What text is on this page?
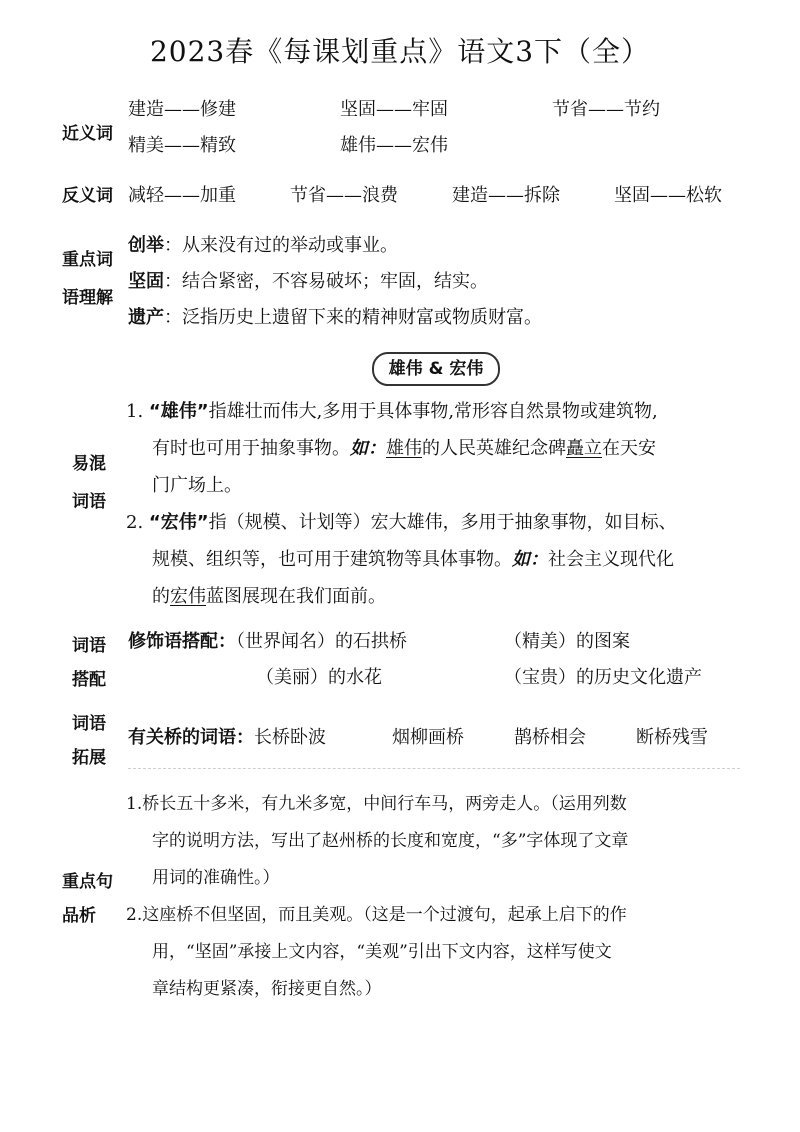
2023春《每课划重点》语文3下（全）
近义词
建造——修建	坚固——牢固	节省——节约
精美——精致	雄伟——宏伟
反义词 减轻——加重	节省——浪费	建造——拆除	坚固——松软
重点词
语理解
创举：从来没有过的举动或事业。
坚固：结合紧密，不容易破坏；牢固，结实。
遗产：泛指历史上遗留下来的精神财富或物质财富。
雄伟 & 宏伟
易混
词语
1. “雄伟”指雄壮而伟大,多用于具体事物,常形容自然景物或建筑物,
有时也可用于抽象事物。如：雄伟的人民英雄纪念碑矗立在天安
门广场上。
2. “宏伟”指（规模、计划等）宏大雄伟，多用于抽象事物，如目标、
规模、组织等，也可用于建筑物等具体事物。如：社会主义现代化
的宏伟蓝图展现在我们面前。
词语
搭配
修饰语搭配：（世界闻名）的石拱桥	（精美）的图案
（美丽）的水花	（宝贵）的历史文化遗产
词语
拓展
有关桥的词语：长桥卧波	烟柳画桥	鹊桥相会	断桥残雪
重点句
品析
1.桥长五十多米，有九米多宽，中间行车马，两旁走人。（运用列数
字的说明方法，写出了赵州桥的长度和宽度，“多”字体现了文章
用词的准确性。）
2.这座桥不但坚固，而且美观。（这是一个过渡句，起承上启下的作
用，“坚固”承接上文内容，“美观”引出下文内容，这样写使文
章结构更紧凑，衔接更自然。）
